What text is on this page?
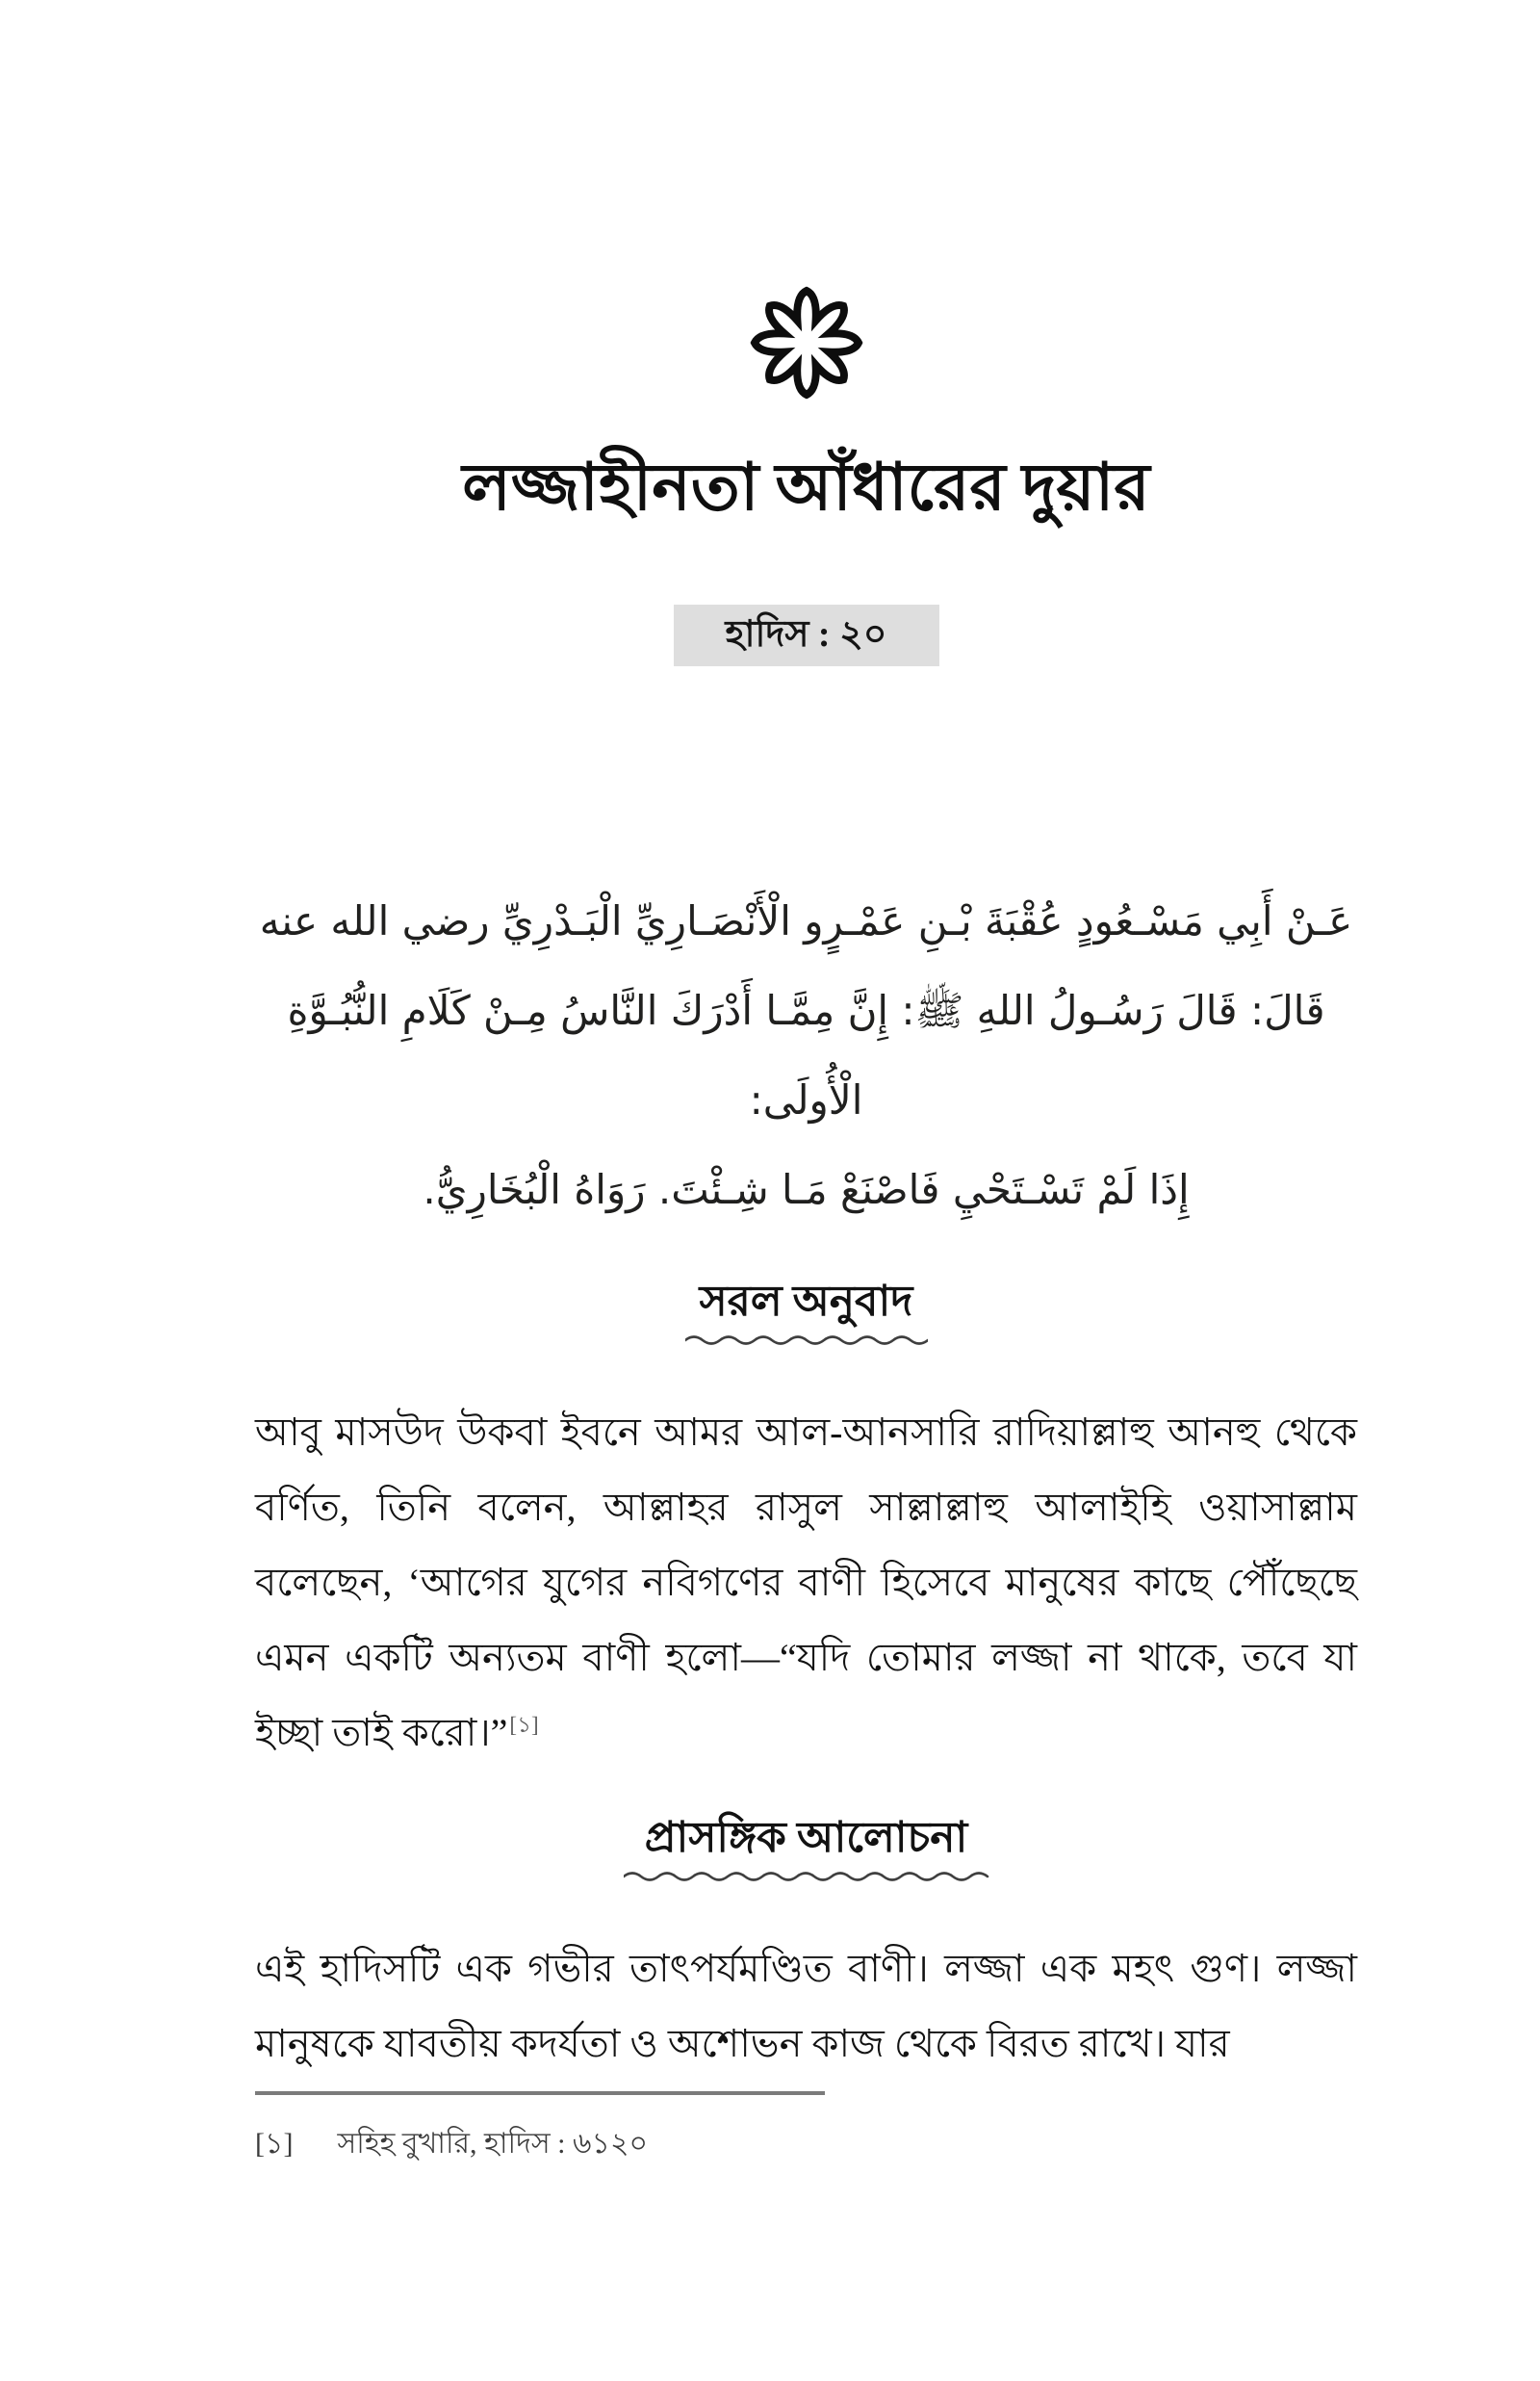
লজ্জাহীনতা আঁধারের দুয়ার
হাদিস : ২০

عَـنْ أَبِي مَسْـعُودٍ عُقْبَةَ بْـنِ عَمْـرٍو الْأَنْصَـارِيِّ الْبَـدْرِيِّ رضي الله عنه

قَالَ: قَالَ رَسُـولُ اللهِ ﷺ: إِنَّ مِمَّـا أَدْرَكَ النَّاسُ مِـنْ كَلَامِ النُّبُـوَّةِ الْأُولَى:

إِذَا لَمْ تَسْـتَحْيِ فَاصْنَعْ مَـا شِـئْتَ. رَوَاهُ الْبُخَارِيُّ.

সরল অনুবাদ

আবু মাসউদ উকবা ইবনে আমর আল-আনসারি রাদিয়াল্লাহু আনহু থেকে বর্ণিত, তিনি বলেন, আল্লাহর রাসুল সাল্লাল্লাহু আলাইহি ওয়াসাল্লাম বলেছেন, ‘আগের যুগের নবিগণের বাণী হিসেবে মানুষের কাছে পৌঁছেছে এমন একটি অন্যতম বাণী হলো—“যদি তোমার লজ্জা না থাকে, তবে যা ইচ্ছা তাই করো।”[১]

প্রাসঙ্গিক আলোচনা

এই হাদিসটি এক গভীর তাৎপর্যমণ্ডিত বাণী। লজ্জা এক মহৎ গুণ। লজ্জা মানুষকে যাবতীয় কদর্যতা ও অশোভন কাজ থেকে বিরত রাখে। যার

[১] সহিহ বুখারি, হাদিস : ৬১২০
